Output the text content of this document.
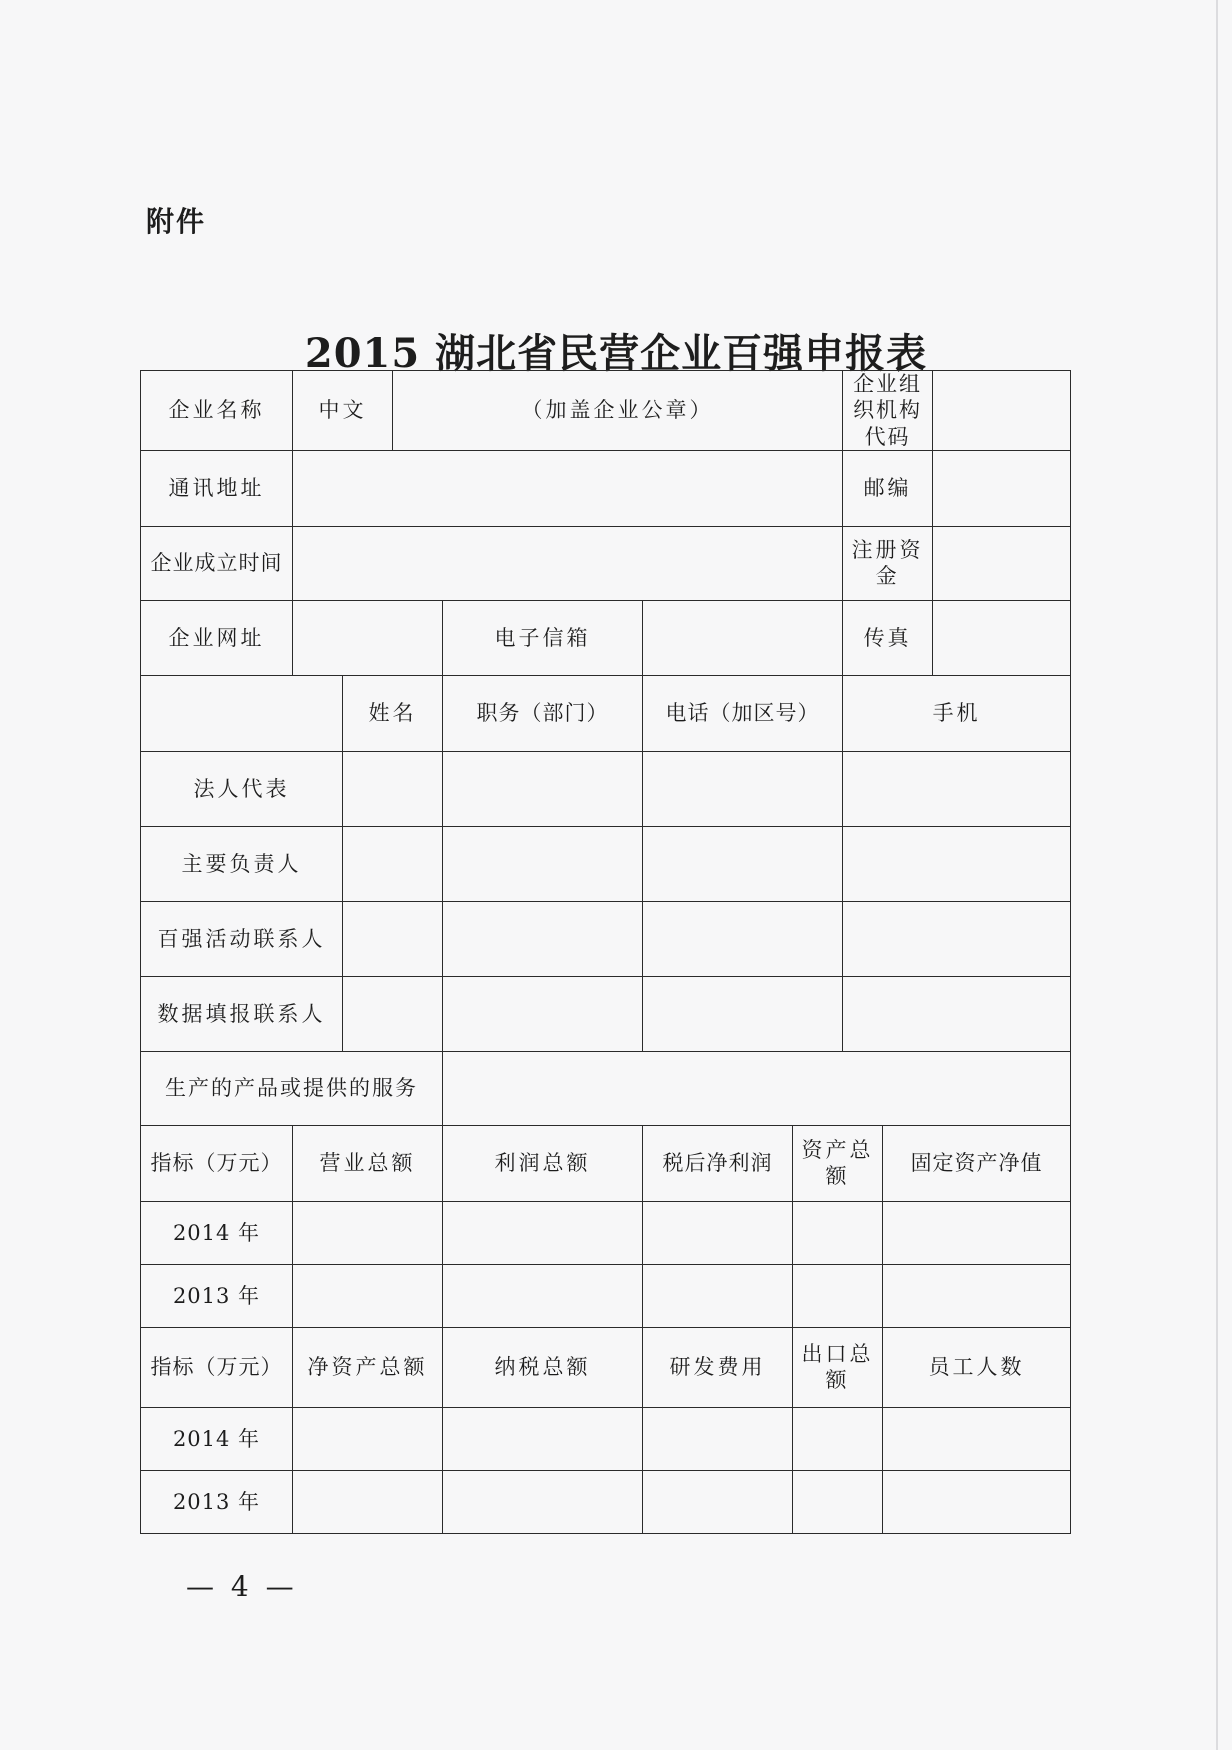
附件
2015 湖北省民营企业百强申报表
企业名称	中文		（加盖企业公章）				企业组织机构代码		
通讯地址							邮编		
企业成立时间							注册资金		
企业网址				电子信箱			传真		
		姓名		职务（部门）	电话（加区号）		手机		
法人代表									
主要负责人									
百强活动联系人									
数据填报联系人									
生产的产品或提供的服务									
指标（万元）	营业总额			利润总额	税后净利润	资产总额		固定资产净值	
2014 年									
2013 年									
指标（万元）	净资产总额			纳税总额	研发费用	出口总额		员工人数	
2014 年									
2013 年									
— 4 —
